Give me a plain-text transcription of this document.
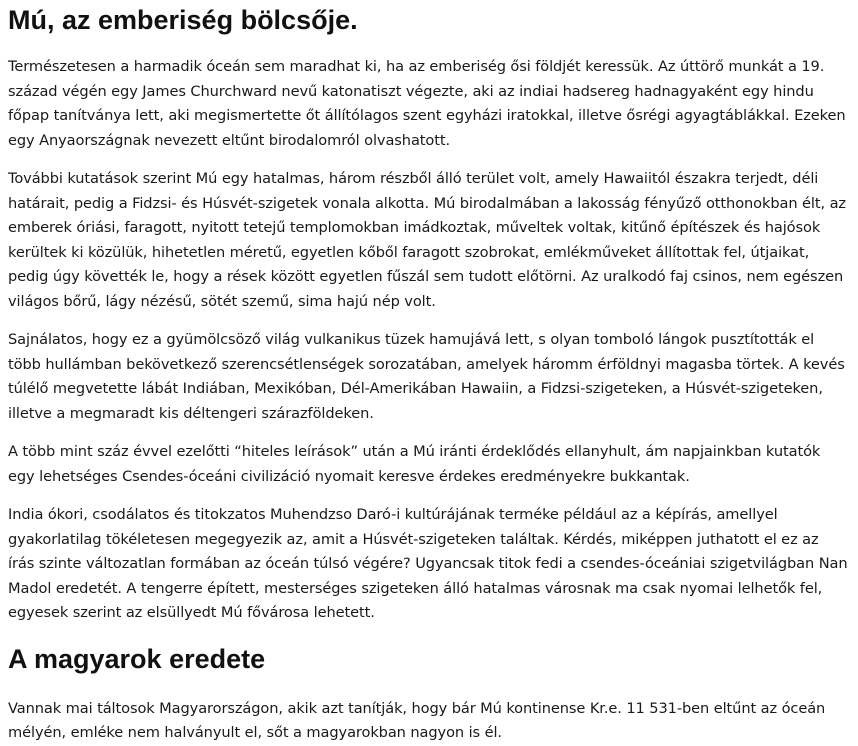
Mú, az emberiség bölcsője.

Természetesen a harmadik óceán sem maradhat ki, ha az emberiség ősi földjét keressük. Az úttörő munkát a 19. század végén egy James Churchward nevű katonatiszt végezte, aki az indiai hadsereg hadnagyaként egy hindu főpap tanítványa lett, aki megismertette őt állítólagos szent egyházi iratokkal, illetve ősrégi agyagtáblákkal. Ezeken egy Anyaországnak nevezett eltűnt birodalomról olvashatott.

További kutatások szerint Mú egy hatalmas, három részből álló terület volt, amely Hawaiitól északra terjedt, déli határait, pedig a Fidzsi- és Húsvét-szigetek vonala alkotta. Mú birodalmában a lakosság fényűző otthonokban élt, az emberek óriási, faragott, nyitott tetejű templomokban imádkoztak, műveltek voltak, kitűnő építészek és hajósok kerültek ki közülük, hihetetlen méretű, egyetlen kőből faragott szobrokat, emlékműveket állítottak fel, útjaikat, pedig úgy követték le, hogy a rések között egyetlen fűszál sem tudott előtörni. Az uralkodó faj csinos, nem egészen világos bőrű, lágy nézésű, sötét szemű, sima hajú nép volt.

Sajnálatos, hogy ez a gyümölcsöző világ vulkanikus tüzek hamujává lett, s olyan tomboló lángok pusztították el több hullámban bekövetkező szerencsétlenségek sorozatában, amelyek háromm érföldnyi magasba törtek. A kevés túlélő megvetette lábát Indiában, Mexikóban, Dél-Amerikában Hawaiin, a Fidzsi-szigeteken, a Húsvét-szigeteken, illetve a megmaradt kis déltengeri szárazföldeken.

A több mint száz évvel ezelőtti “hiteles leírások” után a Mú iránti érdeklődés ellanyhult, ám napjainkban kutatók egy lehetséges Csendes-óceáni civilizáció nyomait keresve érdekes eredményekre bukkantak.

India ókori, csodálatos és titokzatos Muhendzso Daró-i kultúrájának terméke például az a képírás, amellyel gyakorlatilag tökéletesen megegyezik az, amit a Húsvét-szigeteken találtak. Kérdés, miképpen juthatott el ez az írás szinte változatlan formában az óceán túlsó végére? Ugyancsak titok fedi a csendes-óceániai szigetvilágban Nan Madol eredetét. A tengerre épített, mesterséges szigeteken álló hatalmas városnak ma csak nyomai lelhetők fel, egyesek szerint az elsüllyedt Mú fővárosa lehetett.

A magyarok eredete

Vannak mai táltosok Magyarországon, akik azt tanítják, hogy bár Mú kontinense Kr.e. 11 531-ben eltűnt az óceán mélyén, emléke nem halványult el, sőt a magyarokban nagyon is él.
